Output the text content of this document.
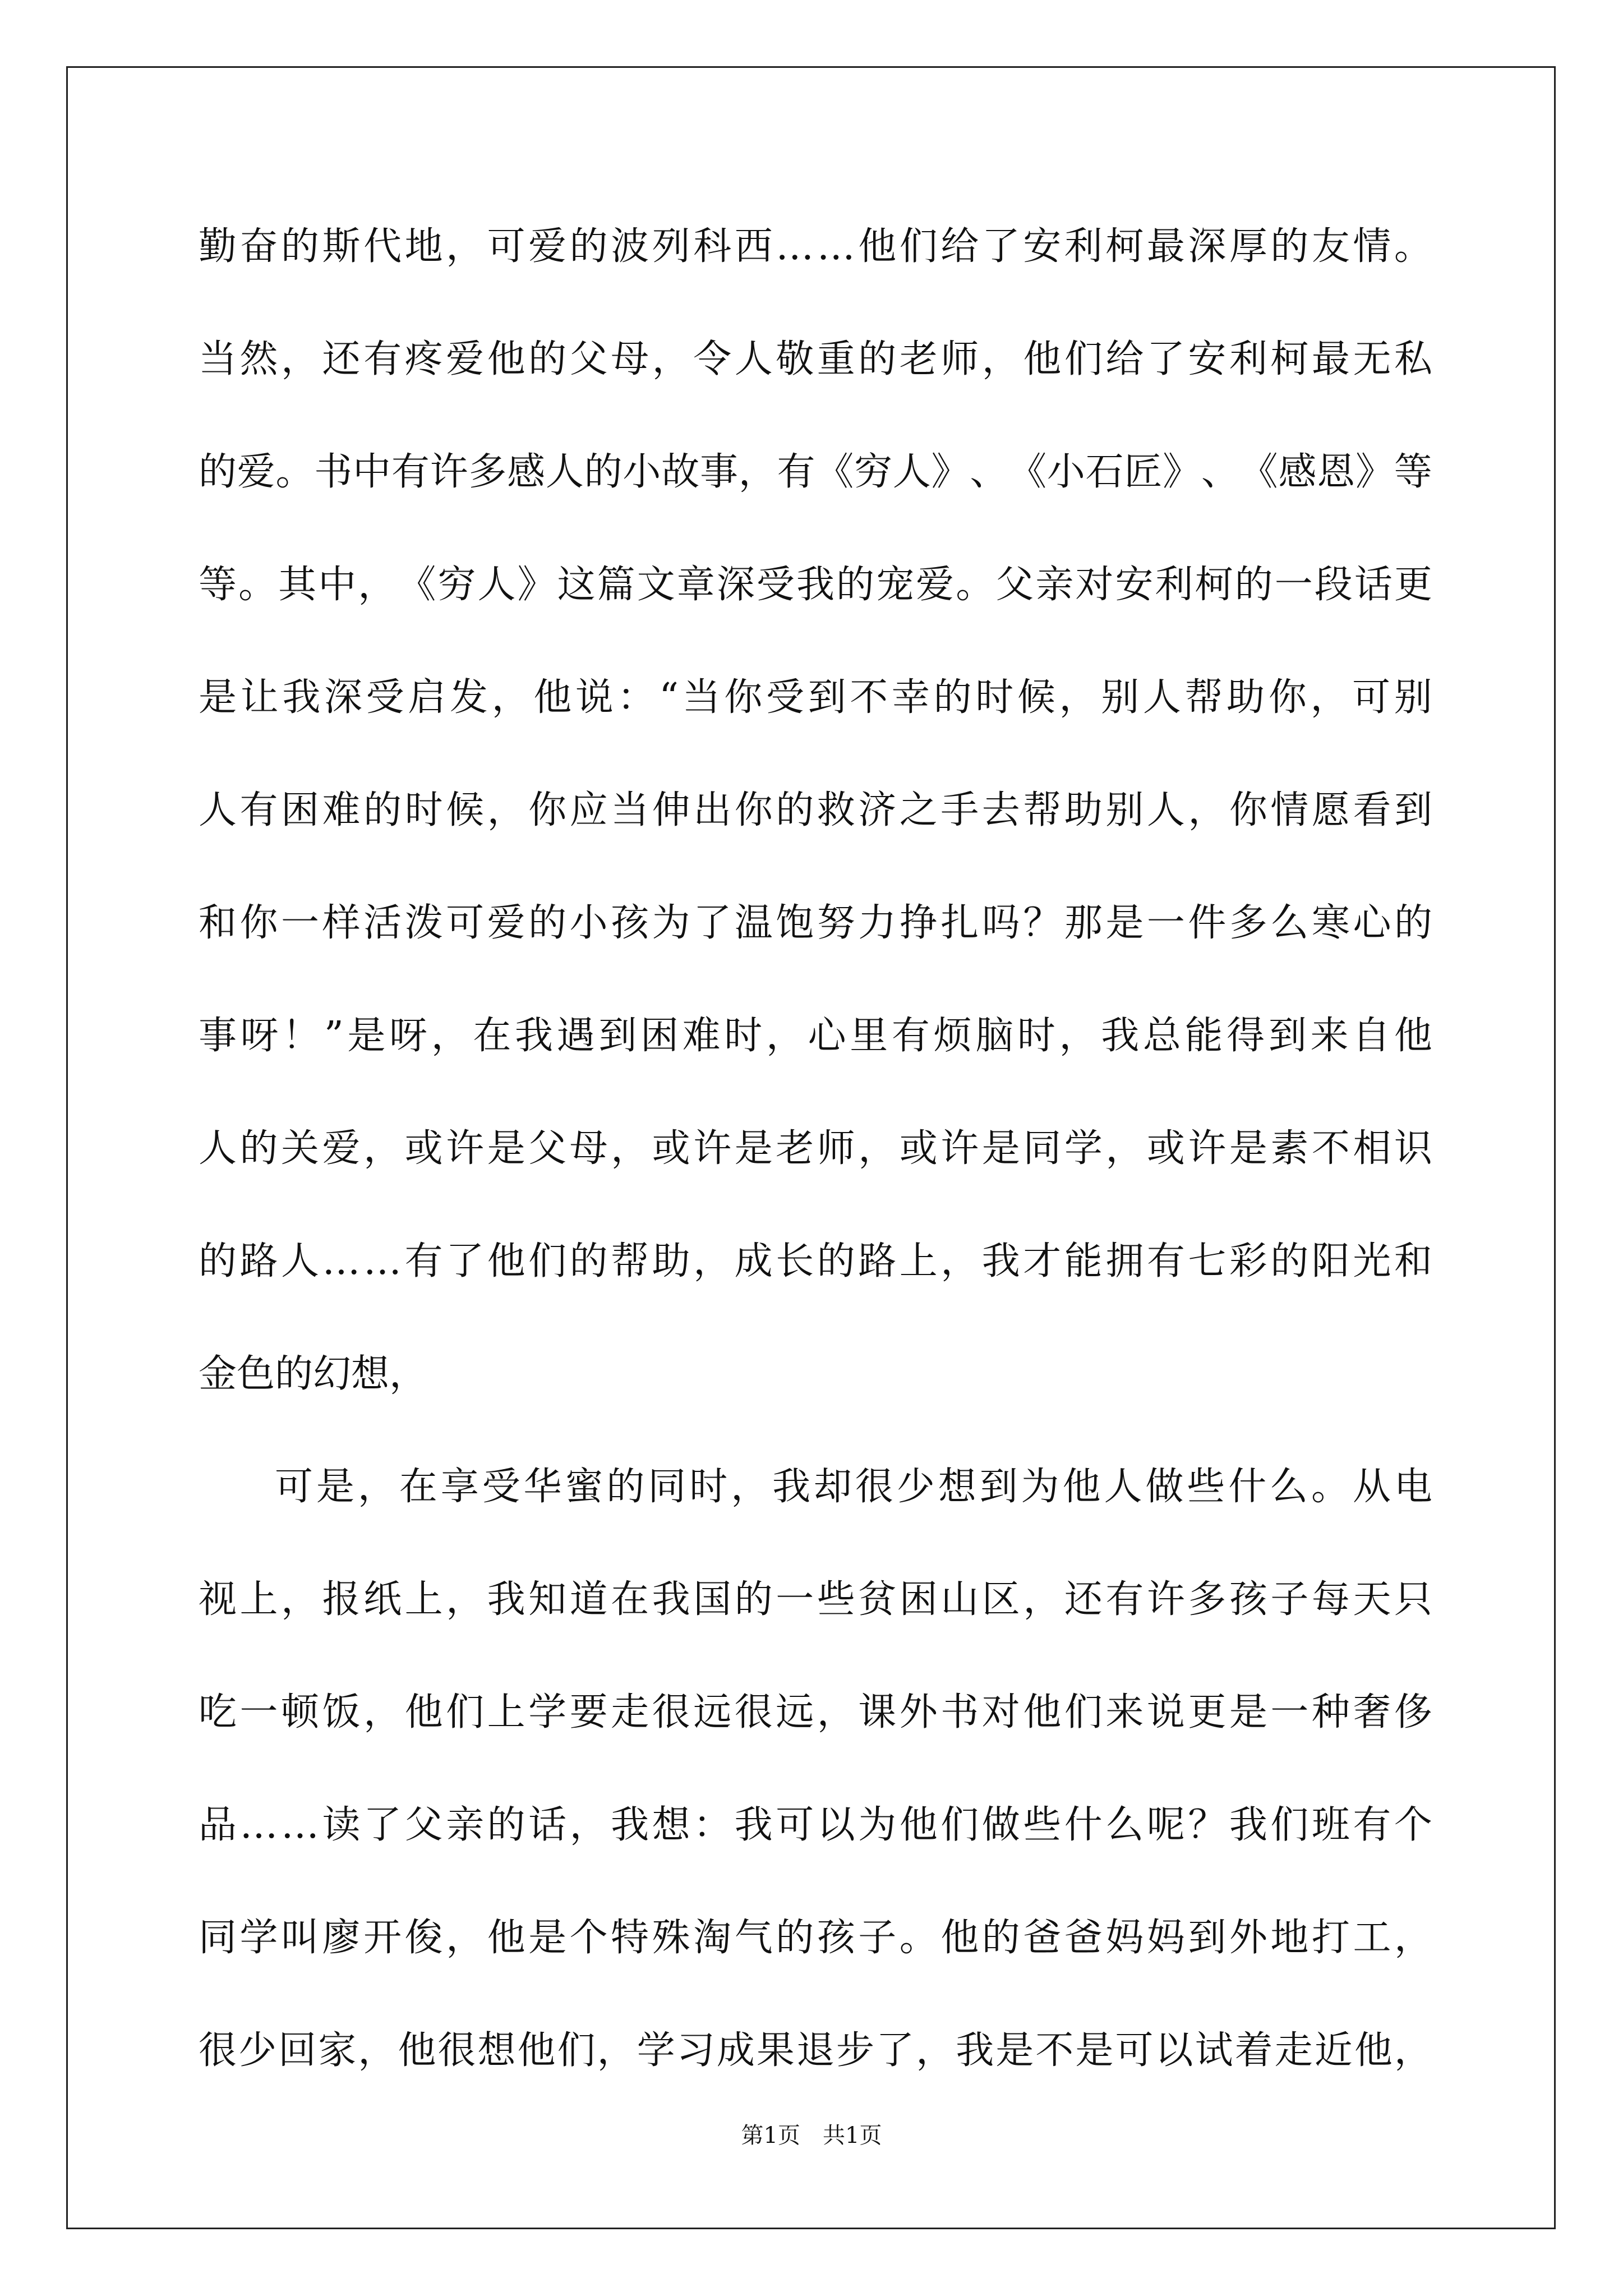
勤 奋 的 斯 代 地 ， 可 爱 的 波 列 科 西 … … 他 们 给 了 安 利 柯 最 深 厚 的 友 情 。
当 然 ， 还 有 疼 爱 他 的 父 母 ， 令 人 敬 重 的 老 师 ， 他 们 给 了 安 利 柯 最 无 私
的 爱 。 书 中 有 许 多 感 人 的 小 故 事 ， 有 《 穷 人 》 、 《 小 石 匠 》 、 《 感 恩 》 等
等 。 其 中 ， 《 穷 人 》 这 篇 文 章 深 受 我 的 宠 爱 。 父 亲 对 安 利 柯 的 一 段 话 更
是 让 我 深 受 启 发 ， 他 说 ： “ 当 你 受 到 不 幸 的 时 候 ， 别 人 帮 助 你 ， 可 别
人 有 困 难 的 时 候 ， 你 应 当 伸 出 你 的 救 济 之 手 去 帮 助 别 人 ， 你 情 愿 看 到
和 你 一 样 活 泼 可 爱 的 小 孩 为 了 温 饱 努 力 挣 扎 吗 ？ 那 是 一 件 多 么 寒 心 的
事 呀 ！ ” 是 呀 ， 在 我 遇 到 困 难 时 ， 心 里 有 烦 脑 时 ， 我 总 能 得 到 来 自 他
人 的 关 爱 ， 或 许 是 父 母 ， 或 许 是 老 师 ， 或 许 是 同 学 ， 或 许 是 素 不 相 识
的 路 人 … … 有 了 他 们 的 帮 助 ， 成 长 的 路 上 ， 我 才 能 拥 有 七 彩 的 阳 光 和
金色的幻想，
可 是 ， 在 享 受 华 蜜 的 同 时 ， 我 却 很 少 想 到 为 他 人 做 些 什 么 。 从 电
视 上 ， 报 纸 上 ， 我 知 道 在 我 国 的 一 些 贫 困 山 区 ， 还 有 许 多 孩 子 每 天 只
吃 一 顿 饭 ， 他 们 上 学 要 走 很 远 很 远 ， 课 外 书 对 他 们 来 说 更 是 一 种 奢 侈
品 … … 读 了 父 亲 的 话 ， 我 想 ： 我 可 以 为 他 们 做 些 什 么 呢 ？ 我 们 班 有 个
同 学 叫 廖 开 俊 ， 他 是 个 特 殊 淘 气 的 孩 子 。 他 的 爸 爸 妈 妈 到 外 地 打 工 ，
很 少 回 家 ， 他 很 想 他 们 ， 学 习 成 果 退 步 了 ， 我 是 不 是 可 以 试 着 走 近 他 ，
第1页　共1页
